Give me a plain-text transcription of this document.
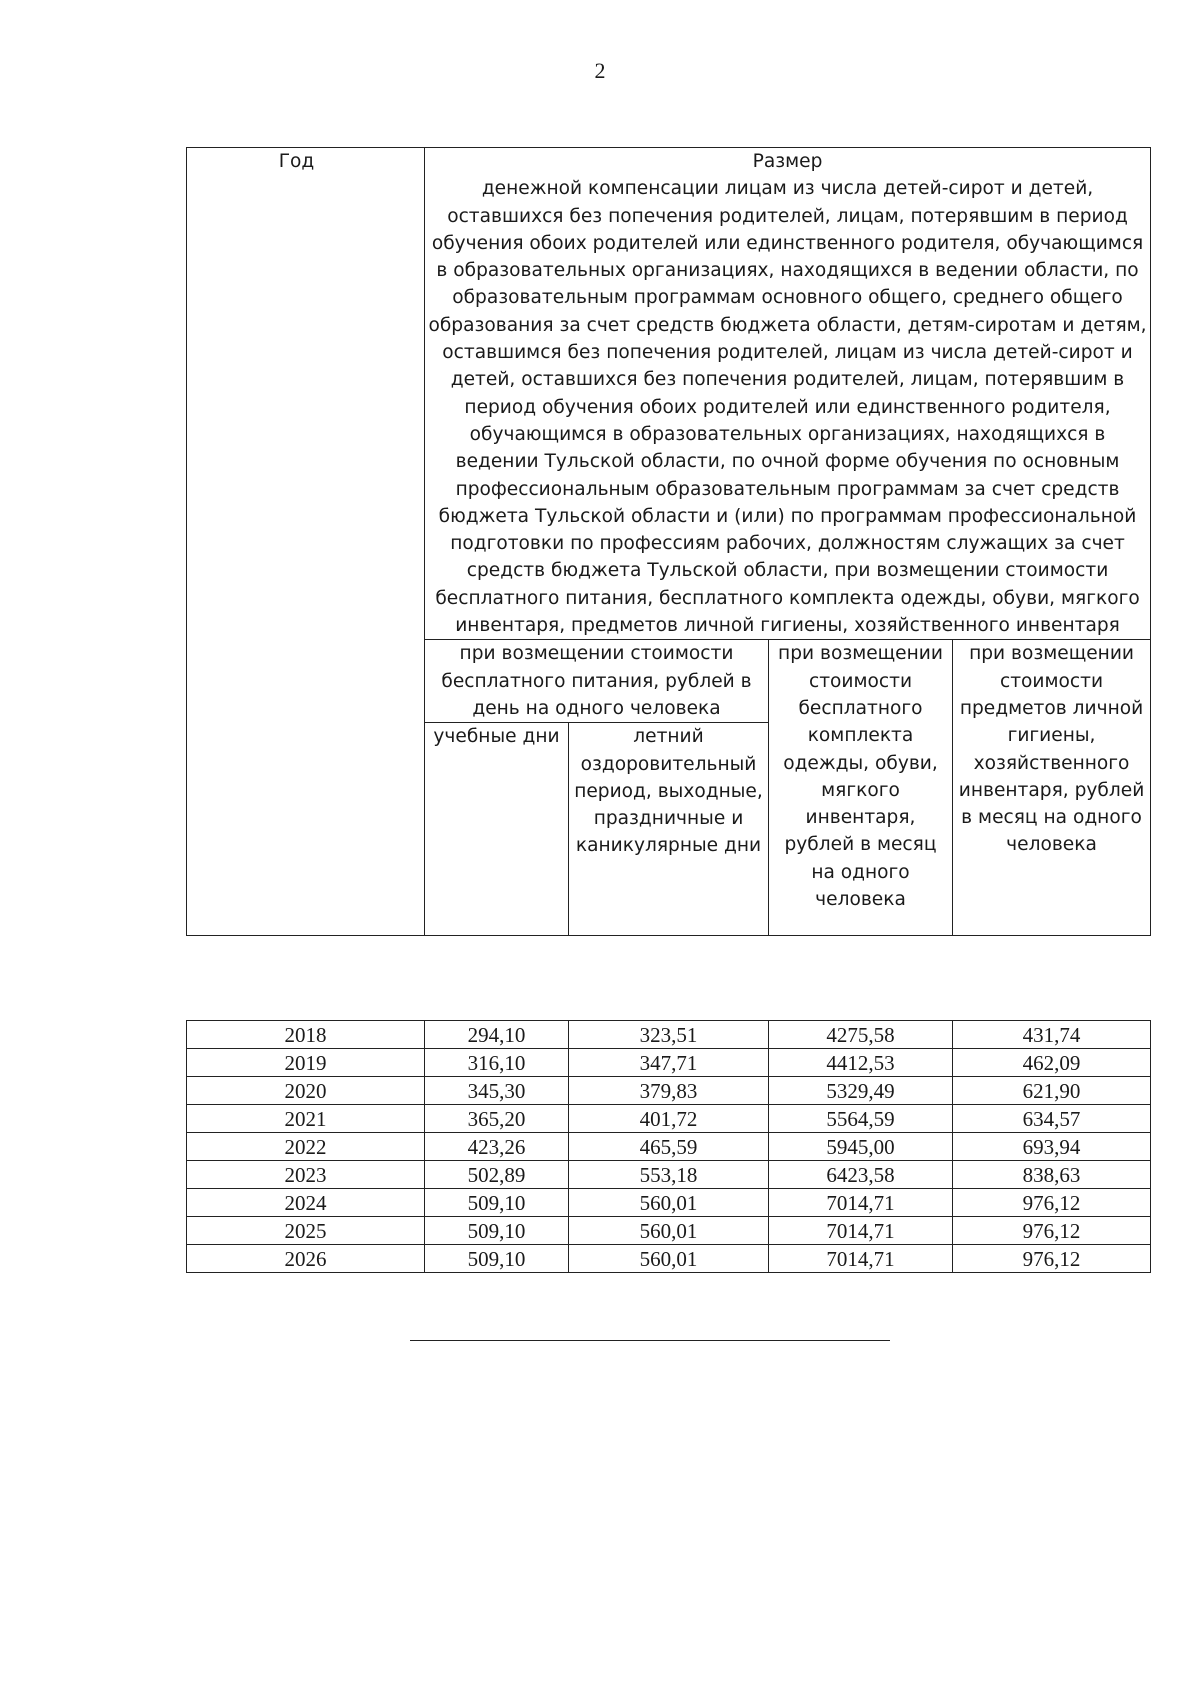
2
Год	Размер
денежной компенсации лицам из числа детей-сирот и детей, оставшихся без попечения родителей, лицам, потерявшим в период обучения обоих родителей или единственного родителя, обучающимся в образовательных организациях, находящихся в ведении области, по образовательным программам основного общего, среднего общего образования за счет средств бюджета области, детям-сиротам и детям, оставшимся без попечения родителей, лицам из числа детей-сирот и детей, оставшихся без попечения родителей, лицам, потерявшим в период обучения обоих родителей или единственного родителя, обучающимся в образовательных организациях, находящихся в ведении Тульской области, по очной форме обучения по основным профессиональным образовательным программам за счет средств бюджета Тульской области и (или) по программам профессиональной подготовки по профессиям рабочих, должностям служащих за счет средств бюджета Тульской области, при возмещении стоимости бесплатного питания, бесплатного комплекта одежды, обуви, мягкого инвентаря, предметов личной гигиены, хозяйственного инвентаря			

	при возмещении стоимости бесплатного питания, рублей в день на одного человека		при возмещении стоимости бесплатного комплекта одежды, обуви, мягкого инвентаря, рублей в месяц на одного человека	при возмещении стоимости предметов личной гигиены, хозяйственного инвентаря, рублей в месяц на одного человека
	учебные дни	летний оздоровительный период, выходные, праздничные и каникулярные дни		
2018	294,10	323,51	4275,58	431,74
2019	316,10	347,71	4412,53	462,09
2020	345,30	379,83	5329,49	621,90
2021	365,20	401,72	5564,59	634,57
2022	423,26	465,59	5945,00	693,94
2023	502,89	553,18	6423,58	838,63
2024	509,10	560,01	7014,71	976,12
2025	509,10	560,01	7014,71	976,12
2026	509,10	560,01	7014,71	976,12
